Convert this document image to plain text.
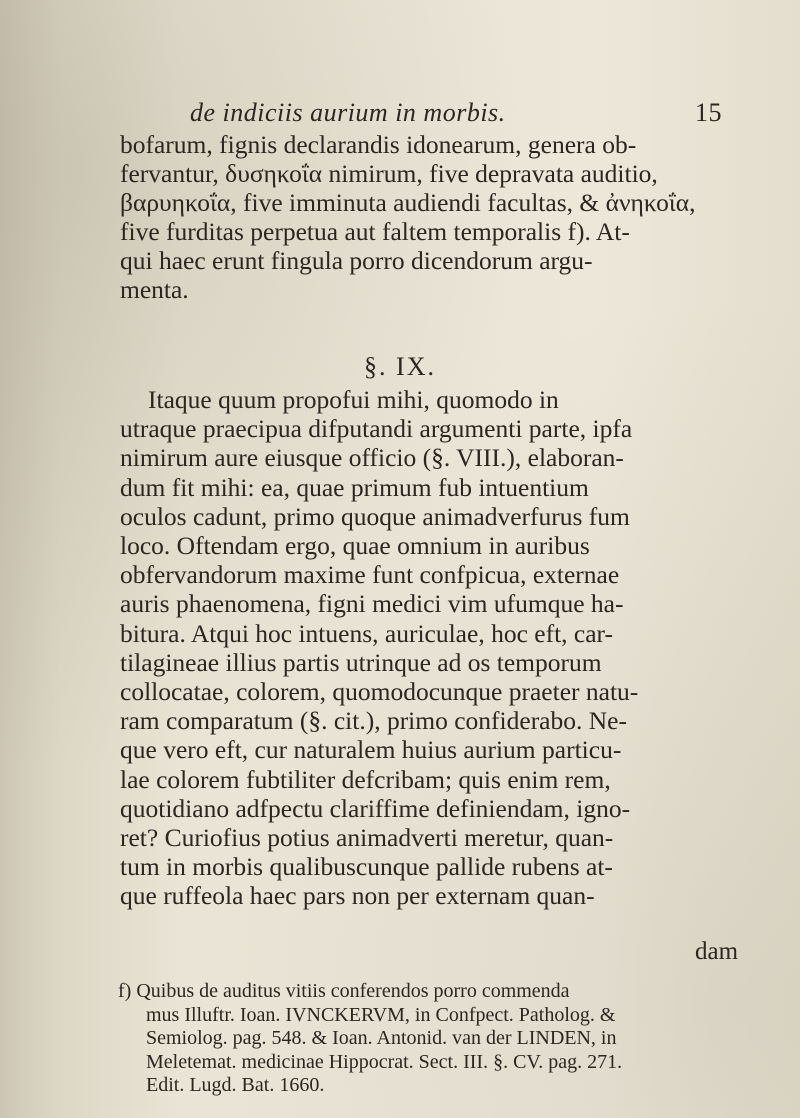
de indiciis aurium in morbis.	15
bofarum, fignis declarandis idonearum, genera ob-
fervantur, δυσηκοΐα nimirum, five depravata auditio,
βαρυηκοΐα, five imminuta audiendi facultas, & ἀνηκοΐα,
five furditas perpetua aut faltem temporalis f). At-
qui haec erunt fingula porro dicendorum argu-
menta.
§. IX.
Itaque quum propofui mihi, quomodo in
utraque praecipua difputandi argumenti parte, ipfa
nimirum aure eiusque officio (§. VIII.), elaboran-
dum fit mihi: ea, quae primum fub intuentium
oculos cadunt, primo quoque animadverfurus fum
loco. Oftendam ergo, quae omnium in auribus
obfervandorum maxime funt confpicua, externae
auris phaenomena, figni medici vim ufumque ha-
bitura. Atqui hoc intuens, auriculae, hoc eft, car-
tilagineae illius partis utrinque ad os temporum
collocatae, colorem, quomodocunque praeter natu-
ram comparatum (§. cit.), primo confiderabo. Ne-
que vero eft, cur naturalem huius aurium particu-
lae colorem fubtiliter defcribam; quis enim rem,
quotidiano adfpectu clariffime definiendam, igno-
ret? Curiofius potius animadverti meretur, quan-
tum in morbis qualibuscunque pallide rubens at-
que ruffeola haec pars non per externam quan-
dam
f) Quibus de auditus vitiis conferendos porro commenda
mus Illuftr. Ioan. IVNCKERVM, in Confpect. Patholog. &
Semiolog. pag. 548. & Ioan. Antonid. van der LINDEN, in
Meletemat. medicinae Hippocrat. Sect. III. §. CV. pag. 271.
Edit. Lugd. Bat. 1660.
